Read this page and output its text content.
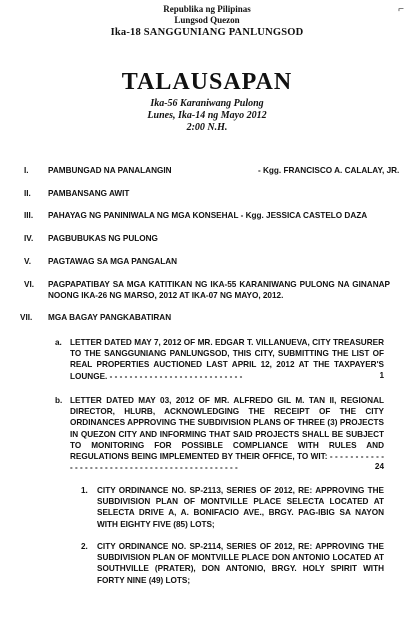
⌐
Republika ng Pilipinas
Lungsod Quezon
Ika-18 SANGGUNIANG PANLUNGSOD
TALAUSAPAN
Ika-56 Karaniwang Pulong
Lunes, Ika-14 ng Mayo 2012
2:00 N.H.
I. PAMBUNGAD NA PANALANGIN	- Kgg. FRANCISCO A. CALALAY, JR.
II. PAMBANSANG AWIT
III. PAHAYAG NG PANINIWALA NG MGA KONSEHAL - Kgg. JESSICA CASTELO DAZA
IV. PAGBUBUKAS NG PULONG
V. PAGTAWAG SA MGA PANGALAN
VI. PAGPAPATIBAY SA MGA KATITIKAN NG IKA-55 KARANIWANG PULONG NA GINANAP NOONG IKA-26 NG MARSO, 2012 AT IKA-07 NG MAYO, 2012.
VII. MGA BAGAY PANGKABATIRAN
a. LETTER DATED MAY 7, 2012 OF MR. EDGAR T. VILLANUEVA, CITY TREASURER TO THE SANGGUNIANG PANLUNGSOD, THIS CITY, SUBMITTING THE LIST OF REAL PROPERTIES AUCTIONED LAST APRIL 12, 2012 AT THE TAXPAYER'S LOUNGE. - - - - - - - - - - - - - - - - - - - - - - - - - - -	1
b. LETTER DATED MAY 03, 2012 OF MR. ALFREDO GIL M. TAN II, REGIONAL DIRECTOR, HLURB, ACKNOWLEDGING THE RECEIPT OF THE CITY ORDINANCES APPROVING THE SUBDIVISION PLANS OF THREE (3) PROJECTS IN QUEZON CITY AND INFORMING THAT SAID PROJECTS SHALL BE SUBJECT TO MONITORING FOR POSSIBLE COMPLIANCE WITH RULES AND REGULATIONS BEING IMPLEMENTED BY THEIR OFFICE, TO WIT: - - - - - - - - - - - - - - - - - - - - - - - - - - - - - - - - - - - - - - - - - - - - -	24
1. CITY ORDINANCE NO. SP-2113, SERIES OF 2012, RE: APPROVING THE SUBDIVISION PLAN OF MONTVILLE PLACE SELECTA LOCATED AT SELECTA DRIVE A, A. BONIFACIO AVE., BRGY. PAG-IBIG SA NAYON WITH EIGHTY FIVE (85) LOTS;
2. CITY ORDINANCE NO. SP-2114, SERIES OF 2012, RE: APPROVING THE SUBDIVISION PLAN OF MONTVILLE PLACE DON ANTONIO LOCATED AT SOUTHVILLE (PRATER), DON ANTONIO, BRGY. HOLY SPIRIT WITH FORTY NINE (49) LOTS;
